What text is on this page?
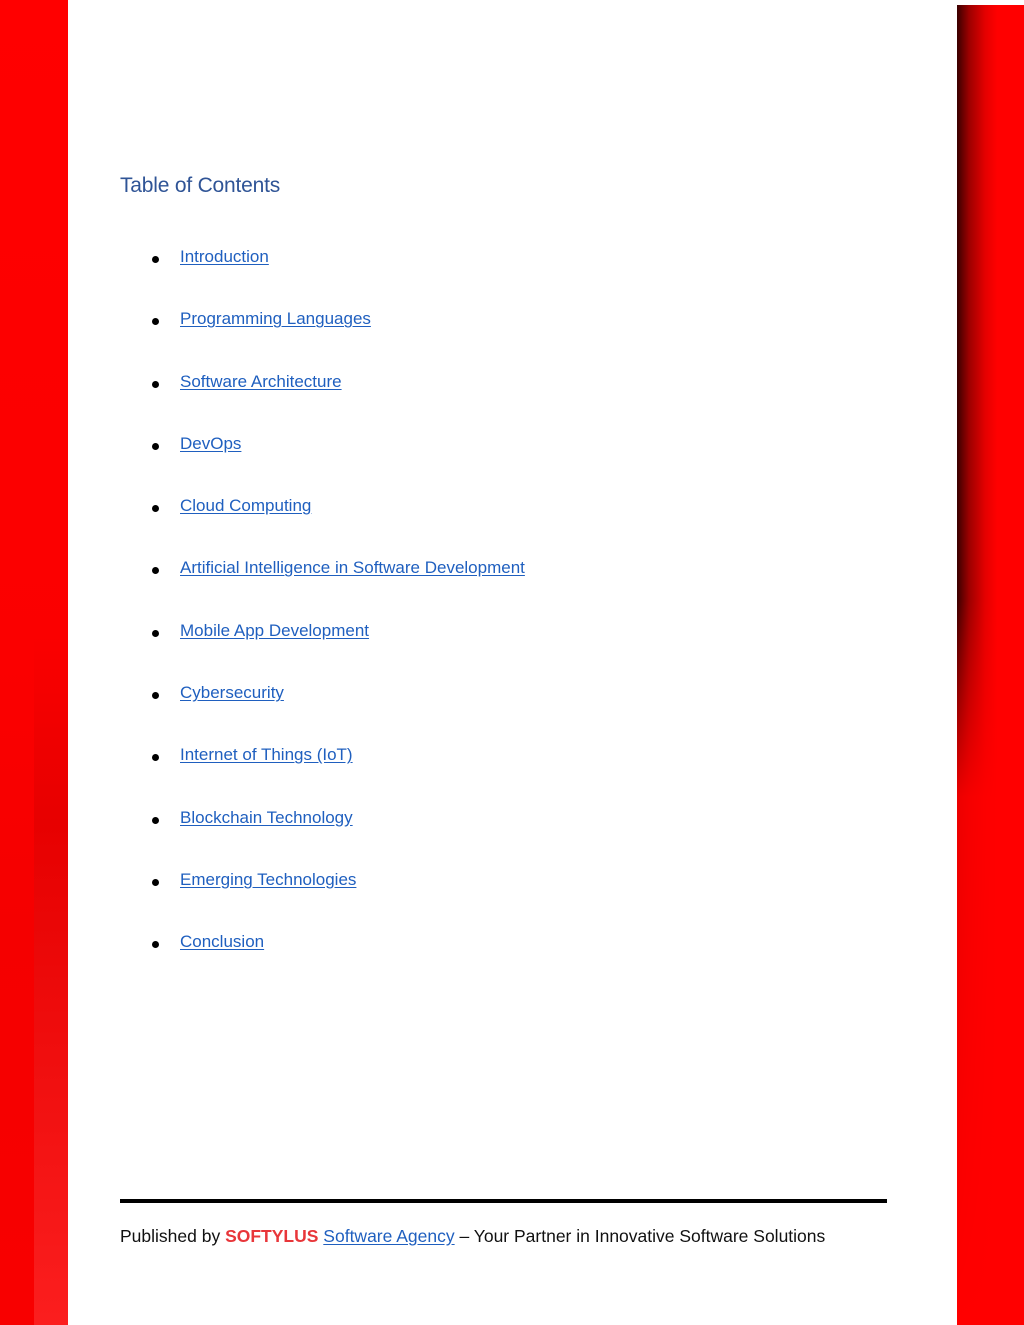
Table of Contents
Introduction
Programming Languages
Software Architecture
DevOps
Cloud Computing
Artificial Intelligence in Software Development
Mobile App Development
Cybersecurity
Internet of Things (IoT)
Blockchain Technology
Emerging Technologies
Conclusion
Published by SOFTYLUS Software Agency – Your Partner in Innovative Software Solutions
